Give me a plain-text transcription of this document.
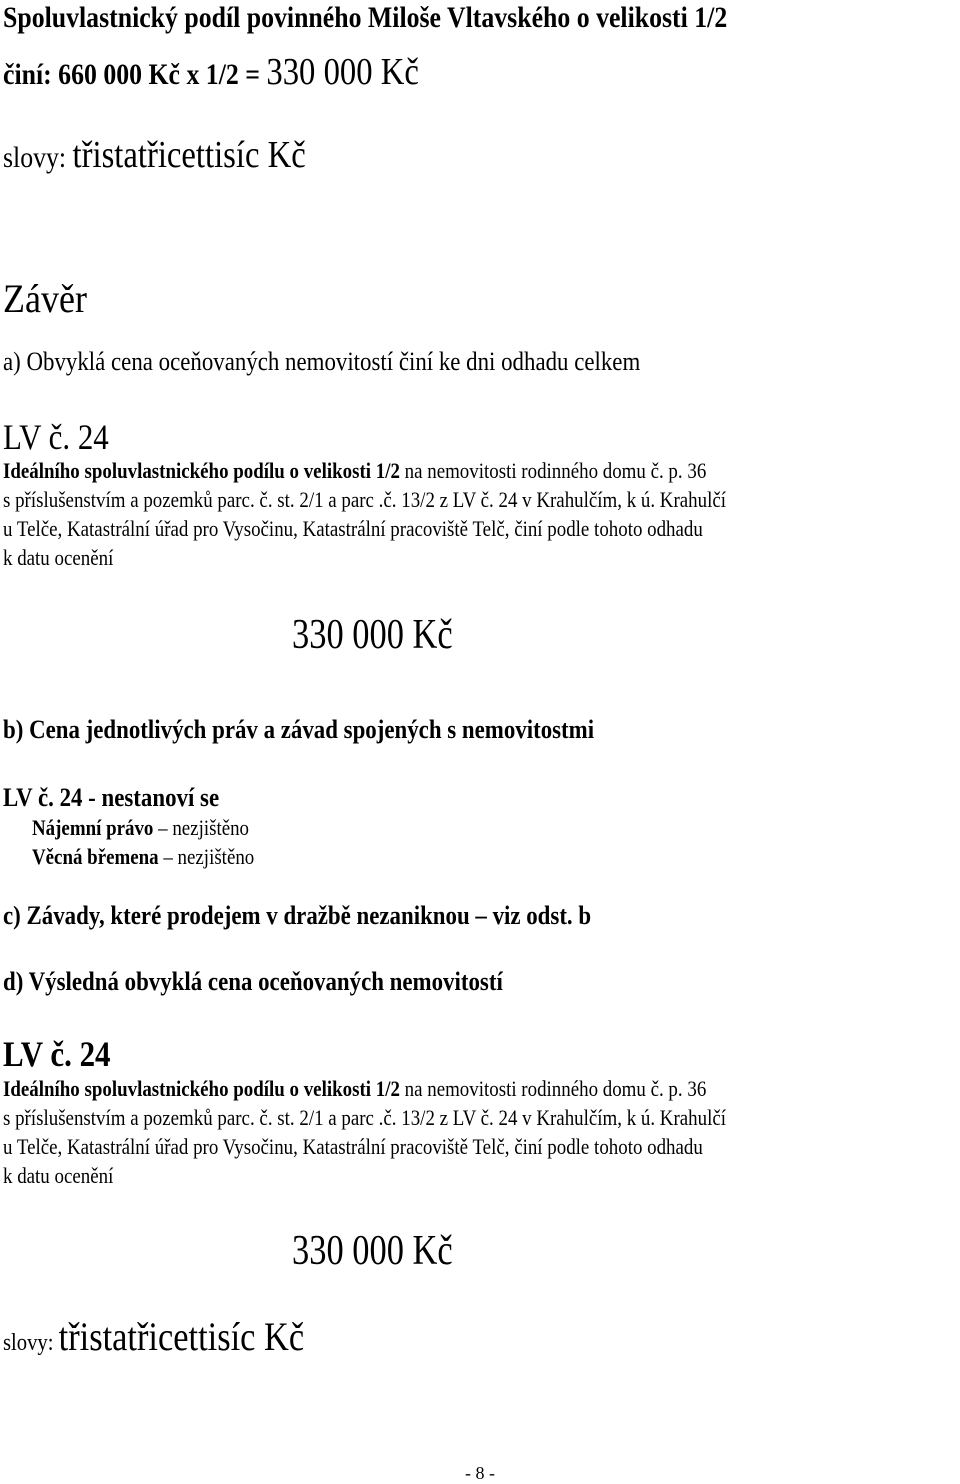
Spoluvlastnický podíl povinného Miloše Vltavského o velikosti 1/2
činí: 660 000 Kč x 1/2 = 330 000 Kč
slovy: třistatřicettisíc Kč
Závěr
a) Obvyklá cena oceňovaných nemovitostí činí ke dni odhadu celkem
LV č. 24
Ideálního spoluvlastnického podílu o velikosti 1/2 na nemovitosti rodinného domu č. p. 36
s příslušenstvím a pozemků parc. č. st. 2/1 a parc .č. 13/2 z LV č. 24 v Krahulčím, k ú. Krahulčí
u Telče, Katastrální úřad pro Vysočinu, Katastrální pracoviště Telč, činí podle tohoto odhadu
k datu ocenění
330 000 Kč
b) Cena jednotlivých práv a závad spojených s nemovitostmi
LV č. 24 - nestanoví se
Nájemní právo – nezjištěno
Věcná břemena – nezjištěno
c) Závady, které prodejem v dražbě nezaniknou – viz odst. b
d) Výsledná obvyklá cena oceňovaných nemovitostí
LV č. 24
Ideálního spoluvlastnického podílu o velikosti 1/2 na nemovitosti rodinného domu č. p. 36
s příslušenstvím a pozemků parc. č. st. 2/1 a parc .č. 13/2 z LV č. 24 v Krahulčím, k ú. Krahulčí
u Telče, Katastrální úřad pro Vysočinu, Katastrální pracoviště Telč, činí podle tohoto odhadu
k datu ocenění
330 000 Kč
slovy: třistatřicettisíc Kč
- 8 -
